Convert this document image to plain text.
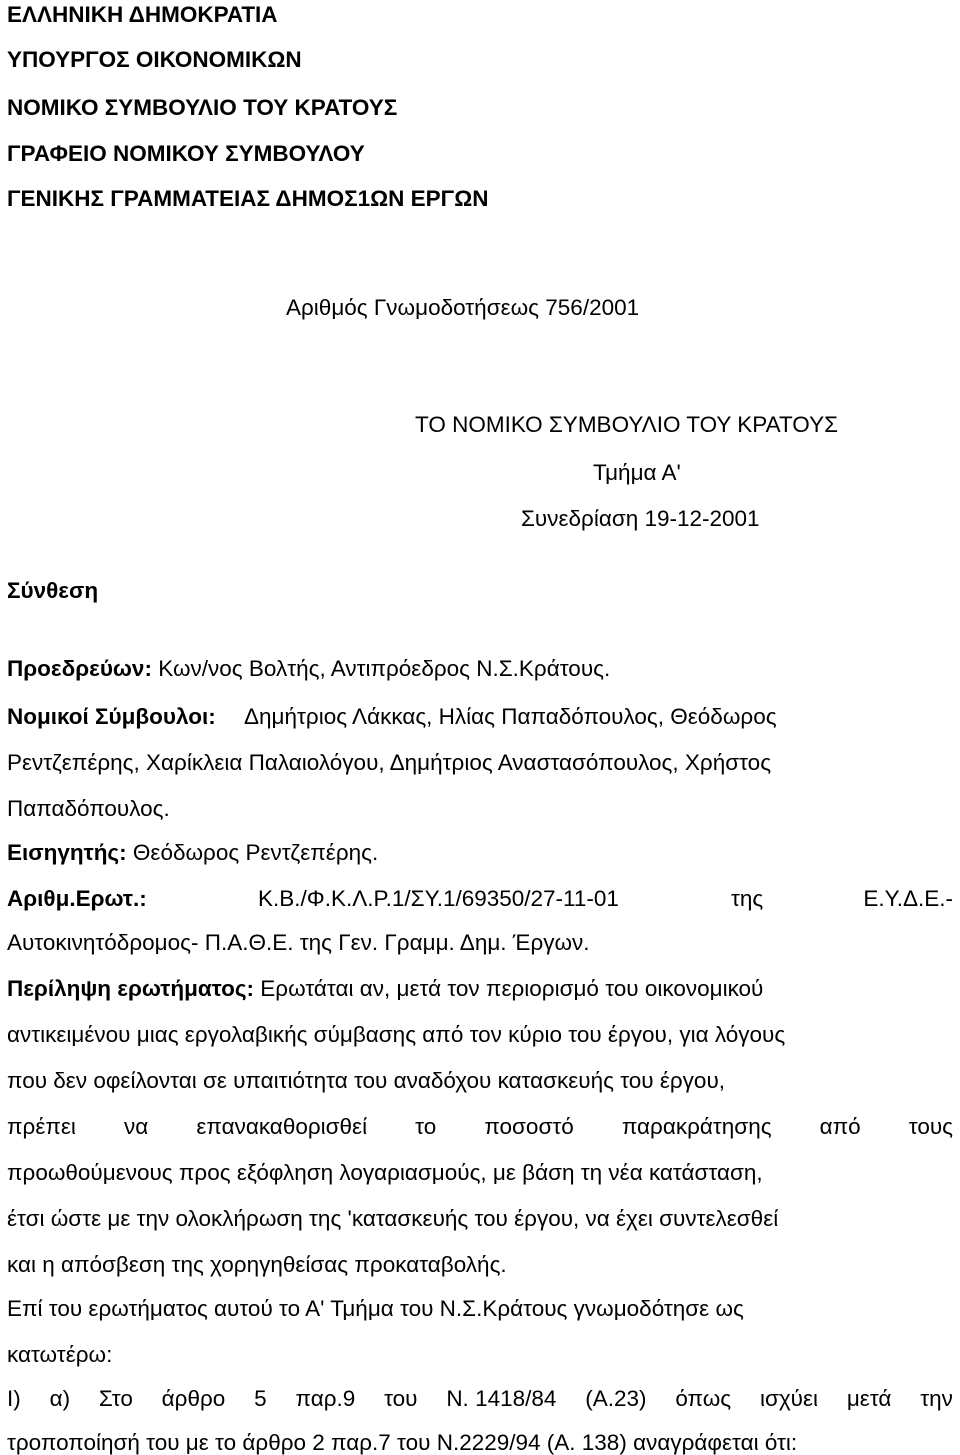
ΕΛΛΗΝΙΚΗ ΔΗΜΟΚΡΑΤΙΑ
ΥΠΟΥΡΓΟΣ ΟΙΚΟΝΟΜΙΚΩΝ
ΝΟΜΙΚΟ ΣΥΜΒΟΥΛΙΟ ΤΟΥ ΚΡΑΤΟΥΣ
ΓΡΑΦΕΙΟ ΝΟΜΙΚΟΥ ΣΥΜΒΟΥΛΟΥ
ΓΕΝΙΚΗΣ ΓΡΑΜΜΑΤΕΙΑΣ ΔΗΜΟΣ1ΩΝ ΕΡΓΩΝ
Αριθμός Γνωμοδοτήσεως 756/2001
ΤΟ ΝΟΜΙΚΟ ΣΥΜΒΟΥΛΙΟ ΤΟΥ ΚΡΑΤΟΥΣ
Τμήμα Α'
Συνεδρίαση 19-12-2001
Σύνθεση
Προεδρεύων: Κων/νος Βολτής, Αντιπρόεδρος Ν.Σ.Κράτους.
Νομικοί Σύμβουλοι: Δημήτριος Λάκκας, Ηλίας Παπαδόπουλος, Θεόδωρος
Ρεντζεπέρης, Χαρίκλεια Παλαιολόγου, Δημήτριος Αναστασόπουλος, Χρήστος
Παπαδόπουλος.
Εισηγητής: Θεόδωρος Ρεντζεπέρης.
Αριθμ.Ερωτ.:	Κ.Β./Φ.Κ.Λ.Ρ.1/ΣΥ.1/69350/27-11-01	της	Ε.Υ.Δ.Ε.-
Αυτοκινητόδρομος- Π.Α.Θ.Ε. της Γεν. Γραμμ. Δημ. Έργων.
Περίληψη ερωτήματος: Ερωτάται αν, μετά τον περιορισμό του οικονομικού
αντικειμένου μιας εργολαβικής σύμβασης από τον κύριο του έργου, για λόγους
που δεν οφείλονται σε υπαιτιότητα του αναδόχου κατασκευής του έργου,
πρέπει να επανακαθορισθεί το ποσοστό παρακράτησης από τους
προωθούμενους προς εξόφληση λογαριασμούς, με βάση τη νέα κατάσταση,
έτσι ώστε με την ολοκλήρωση της 'κατασκευής του έργου, να έχει συντελεσθεί
και η απόσβεση της χορηγηθείσας προκαταβολής.
Επί του ερωτήματος αυτού το Α' Τμήμα του Ν.Σ.Κράτους γνωμοδότησε ως
κατωτέρω:
I) α) Στο άρθρο 5 παρ.9 του Ν. 1418/84 (Α.23) όπως ισχύει μετά την
τροποποίησή του με το άρθρο 2 παρ.7 του Ν.2229/94 (Α. 138) αναγράφεται ότι:
